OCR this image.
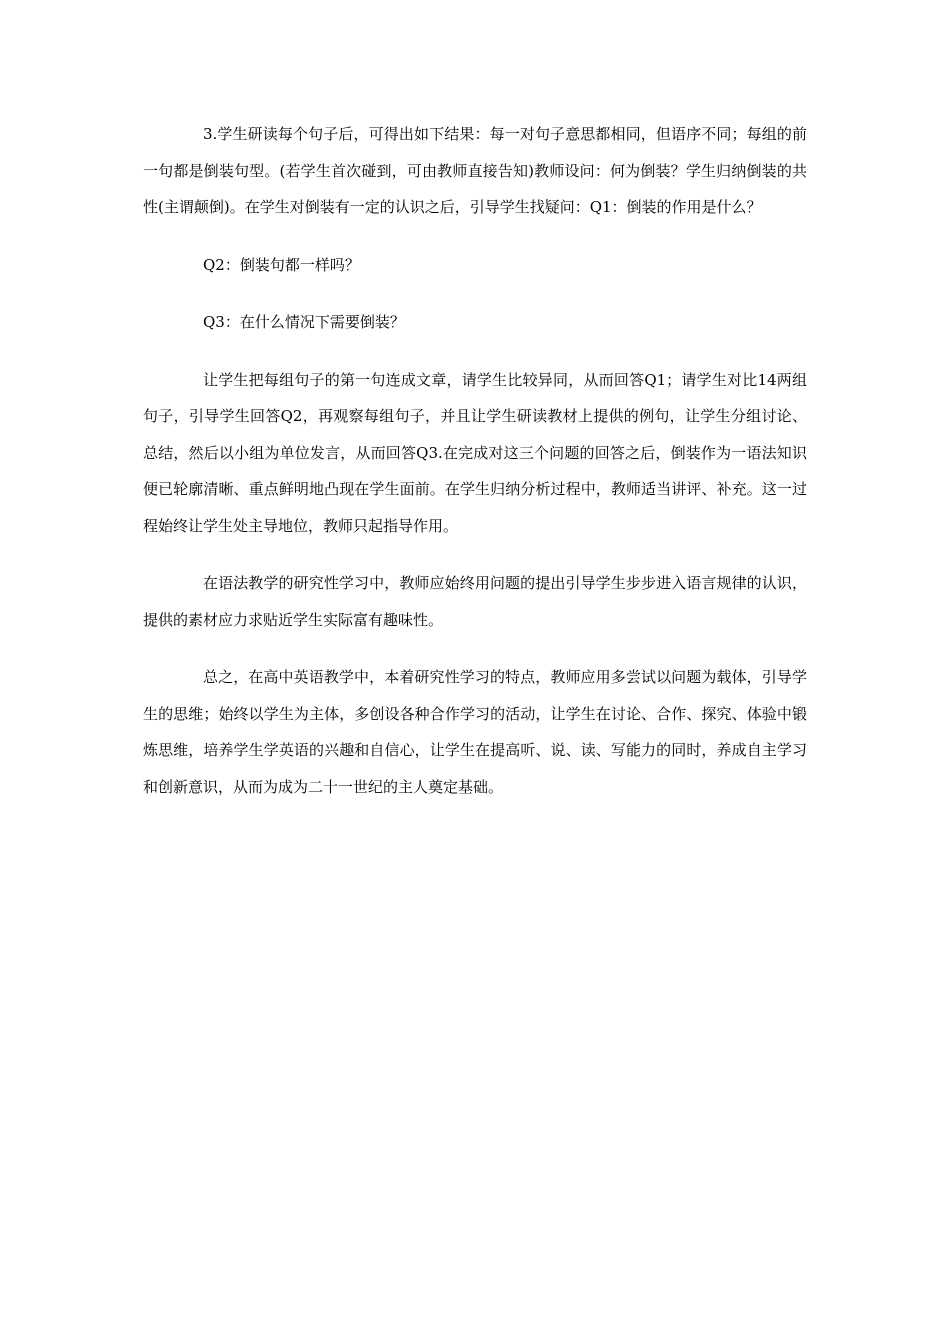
3.学生研读每个句子后，可得出如下结果：每一对句子意思都相同，但语序不同；每组的前一句都是倒装句型。(若学生首次碰到，可由教师直接告知)教师设问：何为倒装？学生归纳倒装的共性(主谓颠倒)。在学生对倒装有一定的认识之后，引导学生找疑问：Q1：倒装的作用是什么？

Q2：倒装句都一样吗？

Q3：在什么情况下需要倒装？

让学生把每组句子的第一句连成文章，请学生比较异同，从而回答Q1；请学生对比14两组句子，引导学生回答Q2，再观察每组句子，并且让学生研读教材上提供的例句，让学生分组讨论、总结，然后以小组为单位发言，从而回答Q3.在完成对这三个问题的回答之后，倒装作为一语法知识便已轮廓清晰、重点鲜明地凸现在学生面前。在学生归纳分析过程中，教师适当讲评、补充。这一过程始终让学生处主导地位，教师只起指导作用。

在语法教学的研究性学习中，教师应始终用问题的提出引导学生步步进入语言规律的认识，提供的素材应力求贴近学生实际富有趣味性。

总之，在高中英语教学中，本着研究性学习的特点，教师应用多尝试以问题为载体，引导学生的思维；始终以学生为主体，多创设各种合作学习的活动，让学生在讨论、合作、探究、体验中锻炼思维，培养学生学英语的兴趣和自信心，让学生在提高听、说、读、写能力的同时，养成自主学习和创新意识，从而为成为二十一世纪的主人奠定基础。
